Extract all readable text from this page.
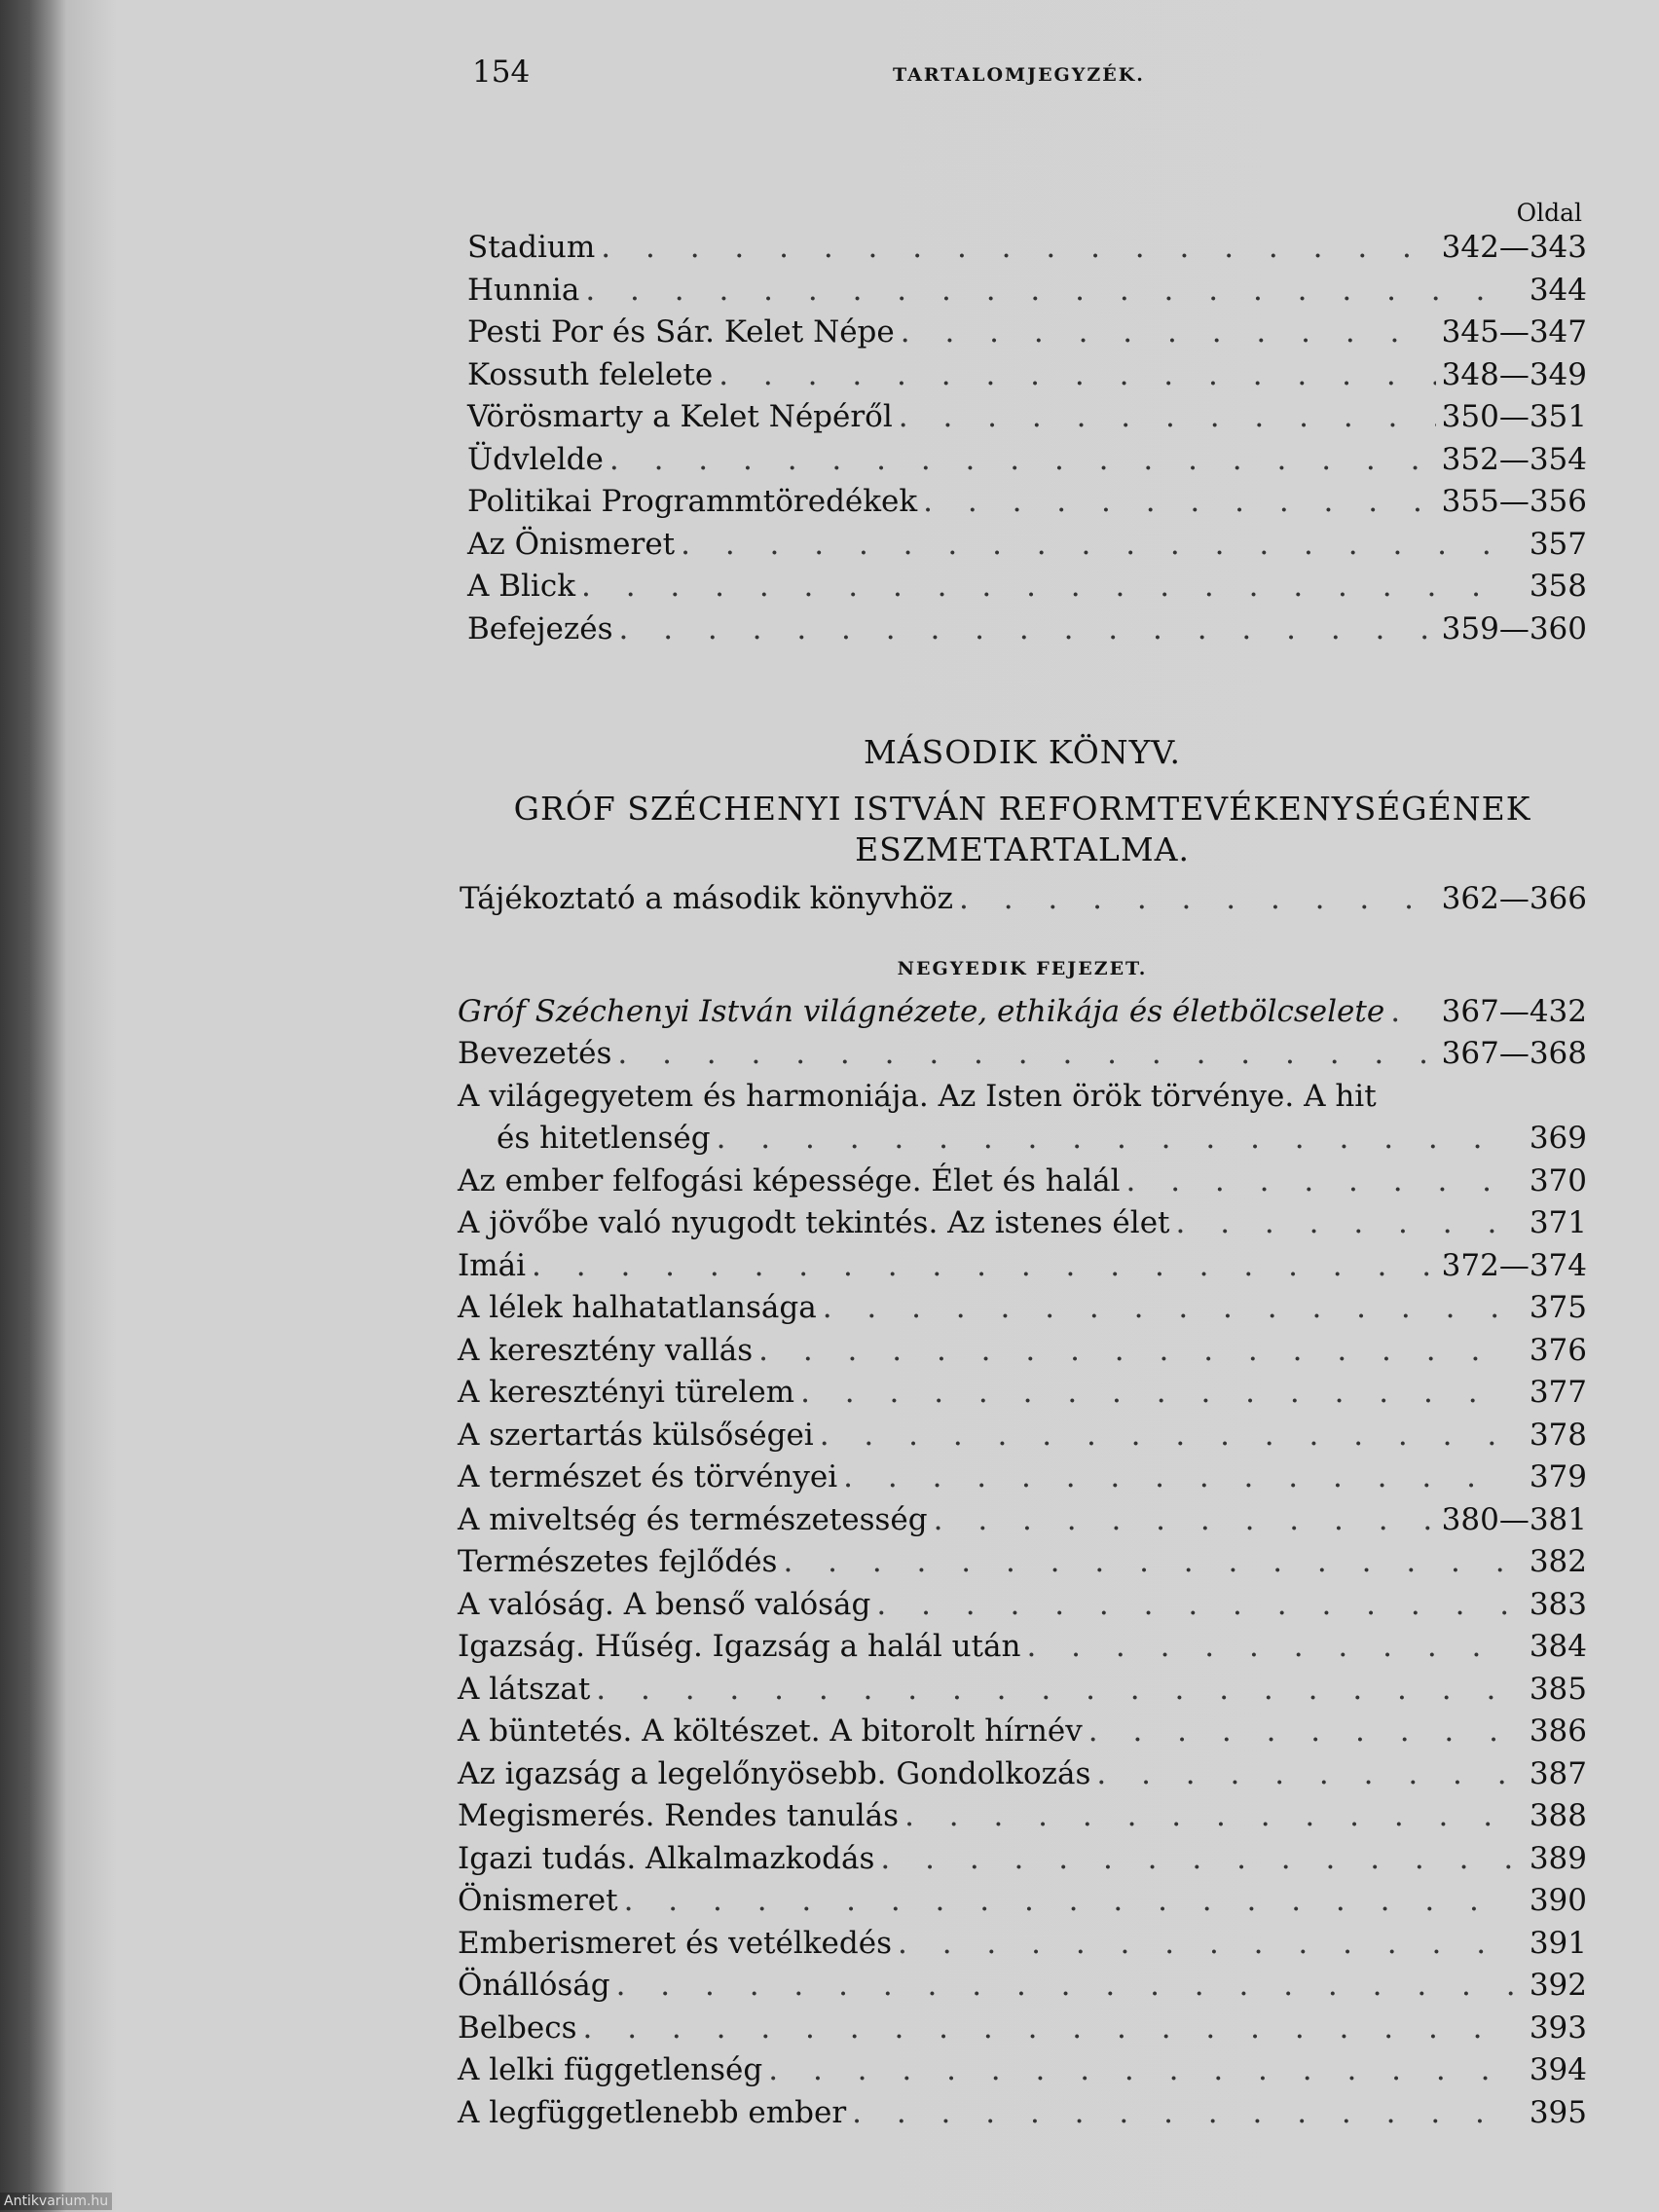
154	TARTALOMJEGYZÉK.
Oldal
Stadium . . .	342—343
Hunnia . . .	344
Pesti Por és Sár. Kelet Népe . . .	345—347
Kossuth felelete . . .	348—349
Vörösmarty a Kelet Népéről . . .	350—351
Üdvlelde . . .	352—354
Politikai Programmtöredékek . . .	355—356
Az Önismeret . . .	357
A Blick . . .	358
Befejezés . . .	359—360
MÁSODIK KÖNYV.
GRÓF SZÉCHENYI ISTVÁN REFORMTEVÉKENYSÉGÉNEK
ESZMETARTALMA.
Tájékoztató a második könyvhöz . . .	362—366
NEGYEDIK FEJEZET.
Gróf Széchenyi István világnézete, ethikája és életbölcselete . . . 367—432
Bevezetés . . .	367—368
A világegyetem és harmoniája. Az Isten örök törvénye. A hit
és hitetlenség . . .	369
Az ember felfogási képessége. Élet és halál . . .	370
A jövőbe való nyugodt tekintés. Az istenes élet . . .	371
Imái . . .	372—374
A lélek halhatatlansága . . .	375
A keresztény vallás . . .	376
A keresztényi türelem . . .	377
A szertartás külsőségei . . .	378
A természet és törvényei . . .	379
A miveltség és természetesség . . .	380—381
Természetes fejlődés . . .	382
A valóság. A benső valóság . . .	383
Igazság. Hűség. Igazság a halál után . . .	384
A látszat . . .	385
A büntetés. A költészet. A bitorolt hírnév . . .	386
Az igazság a legelőnyösebb. Gondolkozás . . .	387
Megismerés. Rendes tanulás . . .	388
Igazi tudás. Alkalmazkodás . . .	389
Önismeret . . .	390
Emberismeret és vetélkedés . . .	391
Önállóság . . .	392
Belbecs . . .	393
A lelki függetlenség . . .	394
A legfüggetlenebb ember . . .	395
Antikvarium.hu
